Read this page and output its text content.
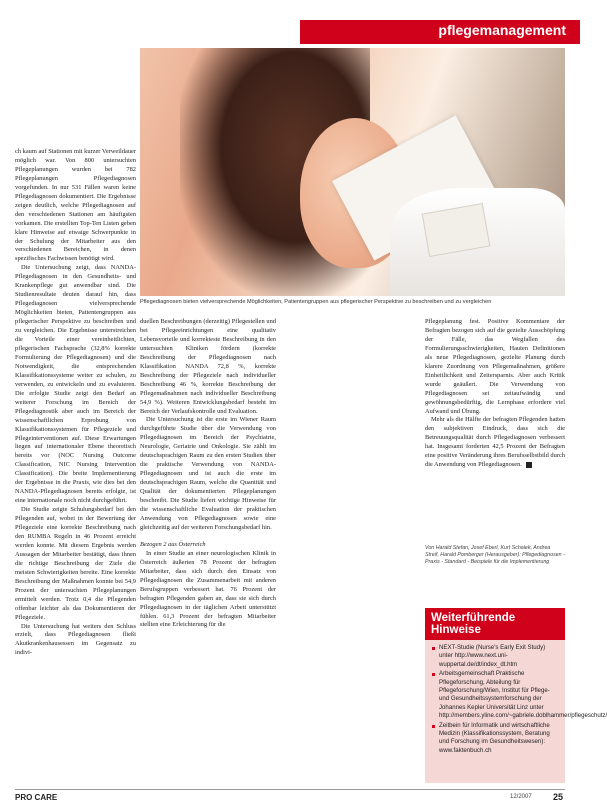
pflegemanagement
Pflegediagnosen bieten vielversprechende Möglichkeiten, Patientengruppen aus pflegerischer Perspektive zu beschreiben und zu vergleichen

ch kaum auf Stationen mit kurzer Verweildauer möglich war. Von 800 untersuchten Pflegeplanungen wurden bei 782 Pflegeplanungen Pflegediagnosen vorgefunden. In nur 531 Fällen waren keine Pflegediagnosen dokumentiert. Die Ergebnisse zeigen deutlich, welche Pflegediagnosen auf den verschiedenen Stationen am häufigsten vorkamen. Die erstellten Top-Ten Listen geben klare Hinweise auf etwaige Schwerpunkte in der Schulung der Mitarbeiter aus den verschiedenen Bereichen, in denen spezifisches Fachwissen benötigt wird.

Die Untersuchung zeigt, dass NANDA-Pflegediagnosen in den Gesundheits- und Krankenpflege gut anwendbar sind. Die Studienresultate deuten darauf hin, dass Pflegediagnosen vielversprechende Möglichkeiten bieten, Patientengruppen aus pflegerischer Perspektive zu beschreiben und zu vergleichen. Die Ergebnisse unterstreichen die Vorteile einer vereinheitlichten, pflegerischen Fachsprache (32,8% korrekte Formulierung der Pflegediagnosen) und die Notwendigkeit, die entsprechenden Klassifikationssysteme weiter zu schulen, zu verwenden, zu entwickeln und zu evaluieren. Die erfolgte Studie zeigt den Bedarf an weiterer Forschung im Bereich der Pflegediagnostik aber auch im Bereich der wissenschaftlichen Erprobung von Klassifikationssystemen für Pflegeziele und Pflegeinterventionen auf. Diese Erwartungen liegen auf internationaler Ebene theoretisch bereits vor (NOC Nursing Outcome Classification, NIC Nursing Intervention Classification). Die breite Implementierung der Ergebnisse in die Praxis, wie dies bei den NANDA-Pflegediagnosen bereits erfolgte, ist eine internationale noch nicht durchgeführt.

Die Studie zeigte Schulungsbedarf bei den Pflegenden auf, wobei in der Bewertung der Pflegeziele eine korrekte Beschreibung nach den RUMBA Regeln in 46 Prozent erreicht werden konnte. Mit diesem Ergebnis werden Aussagen der Mitarbeiter bestätigt, dass ihnen die richtige Beschreibung der Ziele die meisten Schwierigkeiten bereite. Eine korrekte Beschreibung der Maßnahmen konnte bei 54,9 Prozent der untersuchten Pflegeplanungen ermittelt werden. Trotz 0,4 die Pflegenden offenbar leichter als das Dokumentieren der Pflegeziele.

Die Untersuchung hat weiters den Schluss erzielt, dass Pflegediagnosen fließt Akutkrankenhausessen im Gegensatz zu indivi-

duellen Beschreibungen (derzeitig) Pflegestellen und bei Pflegeeinrichtungen eine qualitativ Lebensvorteile und korrekteste Beschreibung in den untersuchten Kliniken fördern (korrekte Beschreibung der Pflegediagnosen nach Klassifikation NANDA 72,8 %, korrekte Beschreibung der Pflegeziele nach individueller Beschreibung 46 %, korrekte Beschreibung der Pflegemaßnahmen nach individueller Beschreibung 54,9 %). Weiteren Entwicklungsbedarf besteht im Bereich der Verlaufskontrolle und Evaluation.

Die Untersuchung ist die erste im Wiener Raum durchgeführte Studie über die Verwendung von Pflegediagnosen im Bereich der Psychiatrie, Neurologie, Geriatrie und Onkologie. Sie zählt im deutschsprachigen Raum zu den ersten Studien über die praktische Verwendung von NANDA-Pflegediagnosen und ist auch die erste im deutschsprachigen Raum, welche die Quantität und Qualität der dokumentierten Pflegeplanungen beschreibt. Die Studie liefert wichtige Hinweise für die wissenschaftliche Evaluation der praktischen Anwendung von Pflegediagnosen sowie eine gleichzeitig auf der weiteren Forschungsbedarf hin.

Bezogen 2 aus Österreich

In einer Studie an einer neurologischen Klinik in Österreich äußerten 78 Prozent der befragten Mitarbeiter, dass sich durch den Einsatz von Pflegediagnosen die Zusammenarbeit mit anderen Berufsgruppen verbessert hat. 76 Prozent der befragten Pflegenden gaben an, dass sie sich durch Pflegediagnosen in der täglichen Arbeit unterstützt fühlen. 61,3 Prozent der befragten Mitarbeiter stellten eine Erleichterung für die

Pflegeplanung fest. Positive Kommentare der Befragten bezogen sich auf die gezielte Ausschöpfung der Fälle, das Wegfallen des Formulierungsschwierigkeiten, Hauten Definitionen als neue Pflegediagnosen, gezielte Planung durch klarere Zuordnung von Pflegemaßnahmen, größere Einheitlichkeit und Zeitersparnis. Aber auch Kritik wurde geäußert. Die Verwendung von Pflegediagnosen sei zeitaufwändig und gewöhnungsbedürftig, die Lernphase erfordere viel Aufwand und Übung.

Mehr als die Hälfte der befragten Pflegenden hatten den subjektiven Eindruck, dass sich die Betreuungsqualität durch Pflegediagnosen verbessert hat. Insgesamt forderten 42,5 Prozent der Befragten eine positive Veränderung ihres Berufsselbstbild durch die Anwendung von Pflegediagnosen.

Von Harald Stefan, Josef Eberl, Kurt Schalek, Andrea Streif, Harald Pomberger (Herausgeber): Pflegediagnosen - Praxis - Standard - Beispiele für die Implementierung
Weiterführende
Hinweise
NEXT-Studie (Nurse's Early Exit Study) unter http://www.next.uni-wuppertal.de/dt/index_dt.htm
Arbeitsgemeinschaft Praktische Pflegeforschung, Abteilung für Pflegeforschung/Wien, Institut für Pflege- und Gesundheitssystemforschung der Johannes Kepler Universität Linz unter http://members.yline.com/~gabriele.doblhammer/pflegeschutz/
Zeitbein für Informatik und wirtschaftliche Medizin (Klassifikationssystem, Beratung und Forschung im Gesundheitswesen): www.faktenbuch.ch
PRO CARE	12/2007 25
